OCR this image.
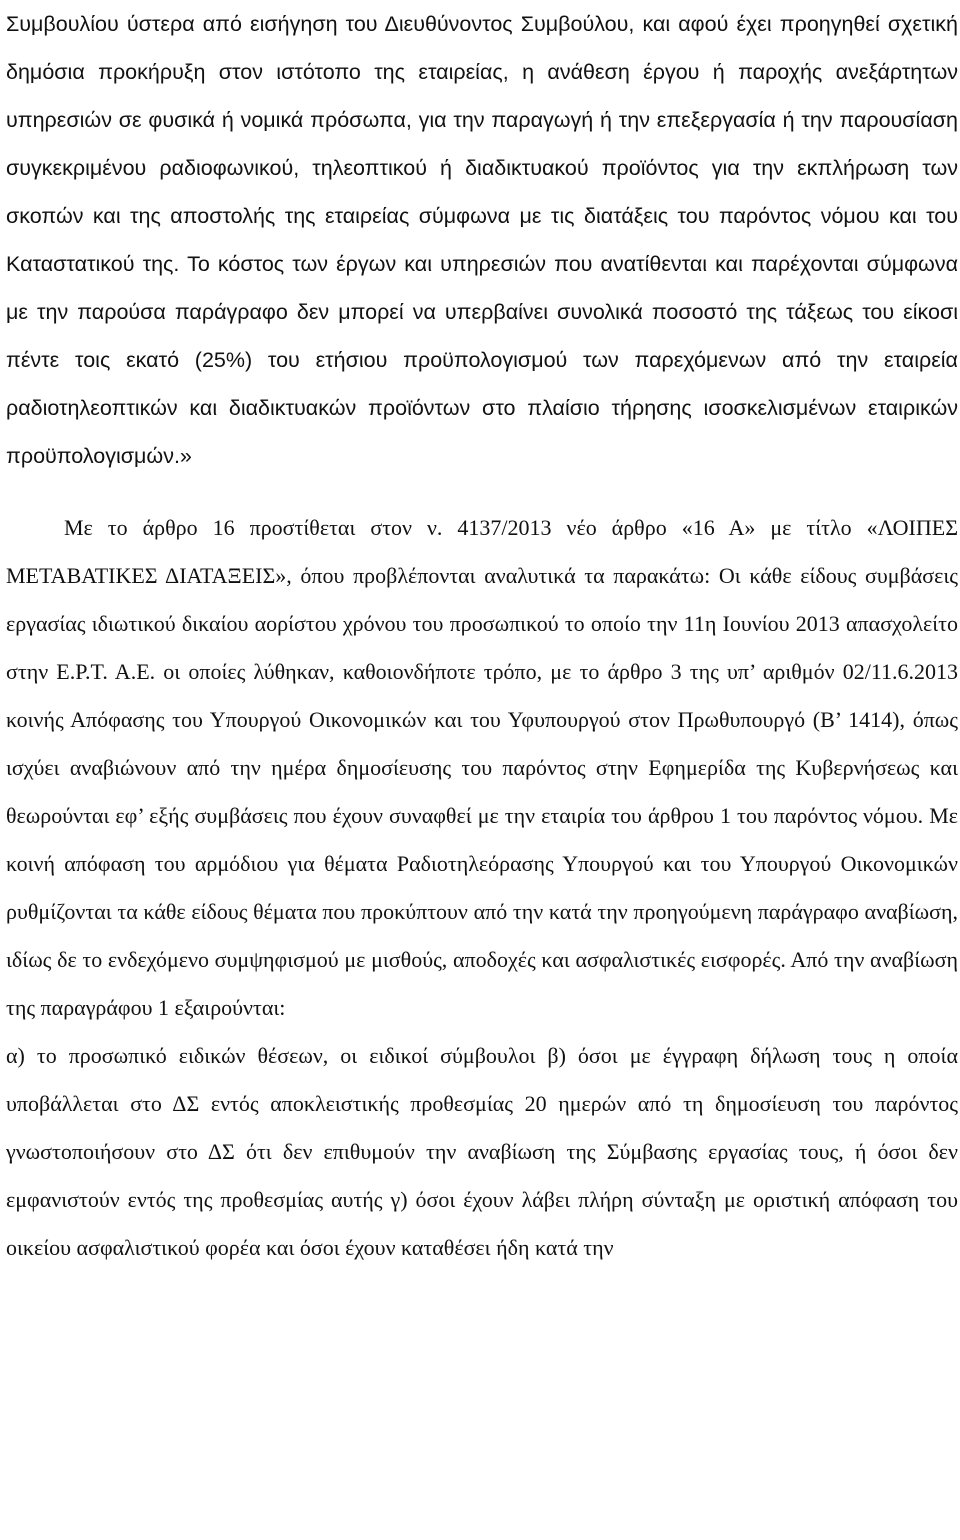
Συμβουλίου ύστερα από εισήγηση του Διευθύνοντος Συμβούλου, και αφού έχει προηγηθεί σχετική δημόσια προκήρυξη στον ιστότοπο της εταιρείας, η ανάθεση έργου ή παροχής ανεξάρτητων υπηρεσιών σε φυσικά ή νομικά πρόσωπα, για την παραγωγή ή την επεξεργασία ή την παρουσίαση συγκεκριμένου ραδιοφωνικού, τηλεοπτικού ή διαδικτυακού προϊόντος για την εκπλήρωση των σκοπών και της αποστολής της εταιρείας σύμφωνα με τις διατάξεις του παρόντος νόμου και του Καταστατικού της. Το κόστος των έργων και υπηρεσιών που ανατίθενται και παρέχονται σύμφωνα με την παρούσα παράγραφο δεν μπορεί να υπερβαίνει συνολικά ποσοστό της τάξεως του είκοσι πέντε τοις εκατό (25%) του ετήσιου προϋπολογισμού των παρεχόμενων από την εταιρεία ραδιοτηλεοπτικών και διαδικτυακών προϊόντων στο πλαίσιο τήρησης ισοσκελισμένων εταιρικών προϋπολογισμών.»

Με το άρθρο 16 προστίθεται στον ν. 4137/2013 νέο άρθρο «16 Α» με τίτλο «ΛΟΙΠΕΣ ΜΕΤΑΒΑΤΙΚΕΣ ΔΙΑΤΑΞΕΙΣ», όπου προβλέπονται αναλυτικά τα παρακάτω: Οι κάθε είδους συμβάσεις εργασίας ιδιωτικού δικαίου αορίστου χρόνου του προσωπικού το οποίο την 11η Ιουνίου 2013 απασχολείτο στην Ε.Ρ.Τ. Α.Ε. οι οποίες λύθηκαν, καθοιονδήποτε τρόπο, με το άρθρο 3 της υπ’ αριθμόν 02/11.6.2013 κοινής Απόφασης του Υπουργού Οικονομικών και του Υφυπουργού στον Πρωθυπουργό (Β’ 1414), όπως ισχύει αναβιώνουν από την ημέρα δημοσίευσης του παρόντος στην Εφημερίδα της Κυβερνήσεως και θεωρούνται εφ’ εξής συμβάσεις που έχουν συναφθεί με την εταιρία του άρθρου 1 του παρόντος νόμου. Με κοινή απόφαση του αρμόδιου για θέματα Ραδιοτηλεόρασης Υπουργού και του Υπουργού Οικονομικών ρυθμίζονται τα κάθε είδους θέματα που προκύπτουν από την κατά την προηγούμενη παράγραφο αναβίωση, ιδίως δε το ενδεχόμενο συμψηφισμού με μισθούς, αποδοχές και ασφαλιστικές εισφορές. Από την αναβίωση της παραγράφου 1 εξαιρούνται:

α) το προσωπικό ειδικών θέσεων, οι ειδικοί σύμβουλοι β) όσοι με έγγραφη δήλωση τους η οποία υποβάλλεται στο ΔΣ εντός αποκλειστικής προθεσμίας 20 ημερών από τη δημοσίευση του παρόντος γνωστοποιήσουν στο ΔΣ ότι δεν επιθυμούν την αναβίωση της Σύμβασης εργασίας τους, ή όσοι δεν εμφανιστούν εντός της προθεσμίας αυτής γ) όσοι έχουν λάβει πλήρη σύνταξη με οριστική απόφαση του οικείου ασφαλιστικού φορέα και όσοι έχουν καταθέσει ήδη κατά την
